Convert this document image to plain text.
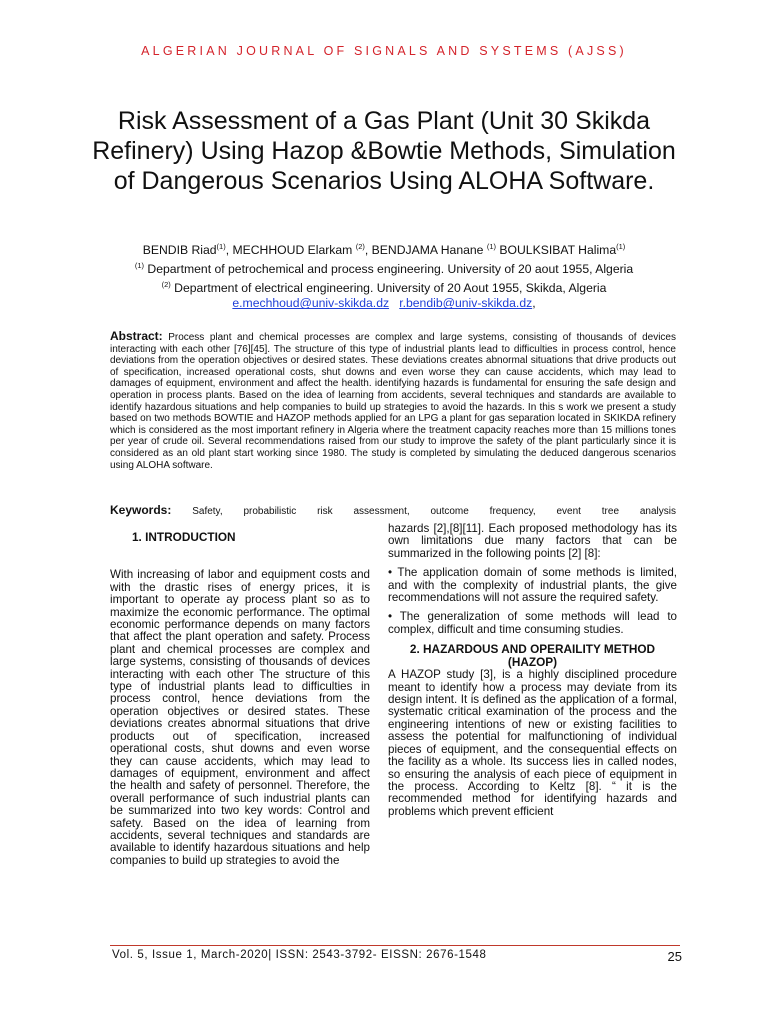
ALGERIAN JOURNAL OF SIGNALS AND SYSTEMS (AJSS)
Risk Assessment of a Gas Plant (Unit 30 Skikda Refinery) Using Hazop &Bowtie Methods, Simulation of Dangerous Scenarios Using ALOHA Software.
BENDIB Riad$^{(1)}$, MECHHOUD Elarkam $^{(2)}$, BENDJAMA Hanane $^{(1)}$ BOULKSIBAT Halima$^{(1)}$
$^{(1)}$ Department of petrochemical and process engineering. University of 20 aout 1955, Algeria
$^{(2)}$ Department of electrical engineering. University of 20 Aout 1955, Skikda, Algeria
e.mechhoud@univ-skikda.dz r.bendib@univ-skikda.dz,
Abstract: Process plant and chemical processes are complex and large systems, consisting of thousands of devices interacting with each other [76][45]. The structure of this type of industrial plants lead to difficulties in process control, hence deviations from the operation objectives or desired states. These deviations creates abnormal situations that drive products out of specification, increased operational costs, shut downs and even worse they can cause accidents, which may lead to damages of equipment, environment and affect the health. identifying hazards is fundamental for ensuring the safe design and operation in process plants. Based on the idea of learning from accidents, several techniques and standards are available to identify hazardous situations and help companies to build up strategies to avoid the hazards. In this s work we present a study based on two methods BOWTIE and HAZOP methods applied for an LPG a plant for gas separation located in SKIKDA refinery which is considered as the most important refinery in Algeria where the treatment capacity reaches more than 15 millions tones per year of crude oil. Several recommendations raised from our study to improve the safety of the plant particularly since it is considered as an old plant start working since 1980. The study is completed by simulating the deduced dangerous scenarios using ALOHA software.
Keywords: Safety, probabilistic risk assessment, outcome frequency, event tree analysis
1. INTRODUCTION

With increasing of labor and equipment costs and with the drastic rises of energy prices, it is important to operate ay process plant so as to maximize the economic performance. The optimal economic performance depends on many factors that affect the plant operation and safety. Process plant and chemical processes are complex and large systems, consisting of thousands of devices interacting with each other The structure of this type of industrial plants lead to difficulties in process control, hence deviations from the operation objectives or desired states. These deviations creates abnormal situations that drive products out of specification, increased operational costs, shut downs and even worse they can cause accidents, which may lead to damages of equipment, environment and affect the health and safety of personnel. Therefore, the overall performance of such industrial plants can be summarized into two key words: Control and safety. Based on the idea of learning from accidents, several techniques and standards are available to identify hazardous situations and help companies to build up strategies to avoid the

hazards [2],[8][11]. Each proposed methodology has its own limitations due many factors that can be summarized in the following points [2] [8]:

• The application domain of some methods is limited, and with the complexity of industrial plants, the give recommendations will not assure the required safety.

• The generalization of some methods will lead to complex, difficult and time consuming studies.

2. HAZARDOUS AND OPERAILITY METHOD (HAZOP)

A HAZOP study [3], is a highly disciplined procedure meant to identify how a process may deviate from its design intent. It is defined as the application of a formal, systematic critical examination of the process and the engineering intentions of new or existing facilities to assess the potential for malfunctioning of individual pieces of equipment, and the consequential effects on the facility as a whole. Its success lies in called nodes, so ensuring the analysis of each piece of equipment in the process. According to Keltz [8]. “ it is the recommended method for identifying hazards and problems which prevent efficient

Vol. 5, Issue 1, March-2020| ISSN: 2543-3792- EISSN: 2676-1548	25
